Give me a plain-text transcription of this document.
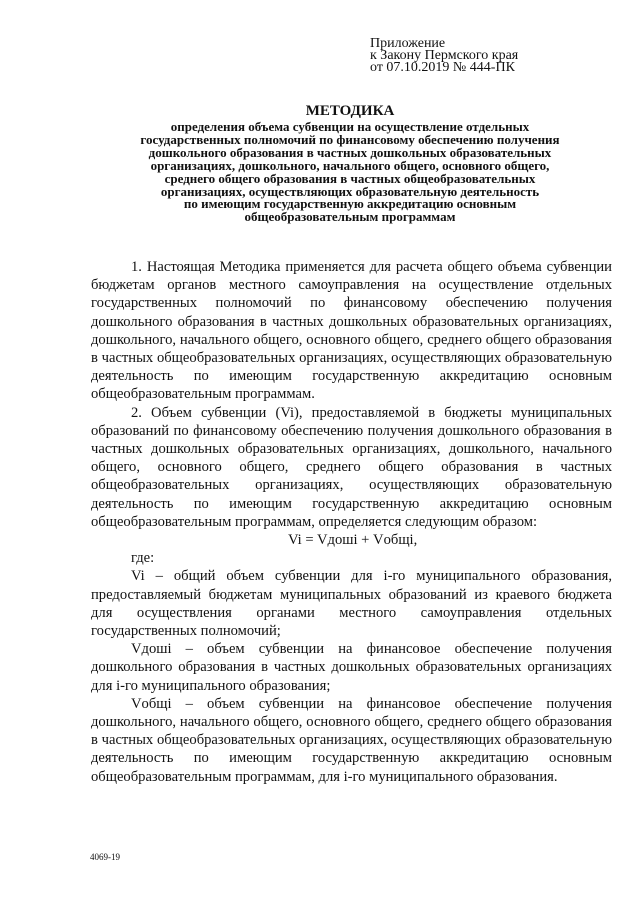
Приложение
к Закону Пермского края
от 07.10.2019 № 444-ПК
МЕТОДИКА
определения объема субвенции на осуществление отдельных
государственных полномочий по финансовому обеспечению получения
дошкольного образования в частных дошкольных образовательных
организациях, дошкольного, начального общего, основного общего,
среднего общего образования в частных общеобразовательных
организациях, осуществляющих образовательную деятельность
по имеющим государственную аккредитацию основным
общеобразовательным программам

1. Настоящая Методика применяется для расчета общего объема субвенции бюджетам органов местного самоуправления на осуществление отдельных государственных полномочий по финансовому обеспечению получения дошкольного образования в частных дошкольных образовательных организациях, дошкольного, начального общего, основного общего, среднего общего образования в частных общеобразовательных организациях, осуществляющих образовательную деятельность по имеющим государственную аккредитацию основным общеобразовательным программам.

2. Объем субвенции (Vi), предоставляемой в бюджеты муниципальных образований по финансовому обеспечению получения дошкольного образования в частных дошкольных образовательных организациях, дошкольного, начального общего, основного общего, среднего общего образования в частных общеобразовательных организациях, осуществляющих образовательную деятельность по имеющим государственную аккредитацию основным общеобразовательным программам, определяется следующим образом:

Vi = Vдоші + Vобщі,

где:

Vi – общий объем субвенции для i-го муниципального образования, предоставляемый бюджетам муниципальных образований из краевого бюджета для осуществления органами местного самоуправления отдельных государственных полномочий;

Vдоші – объем субвенции на финансовое обеспечение получения дошкольного образования в частных дошкольных образовательных организациях для i-го муниципального образования;

Vобщі – объем субвенции на финансовое обеспечение получения дошкольного, начального общего, основного общего, среднего общего образования в частных общеобразовательных организациях, осуществляющих образовательную деятельность по имеющим государственную аккредитацию основным общеобразовательным программам, для i-го муниципального образования.

4069-19
